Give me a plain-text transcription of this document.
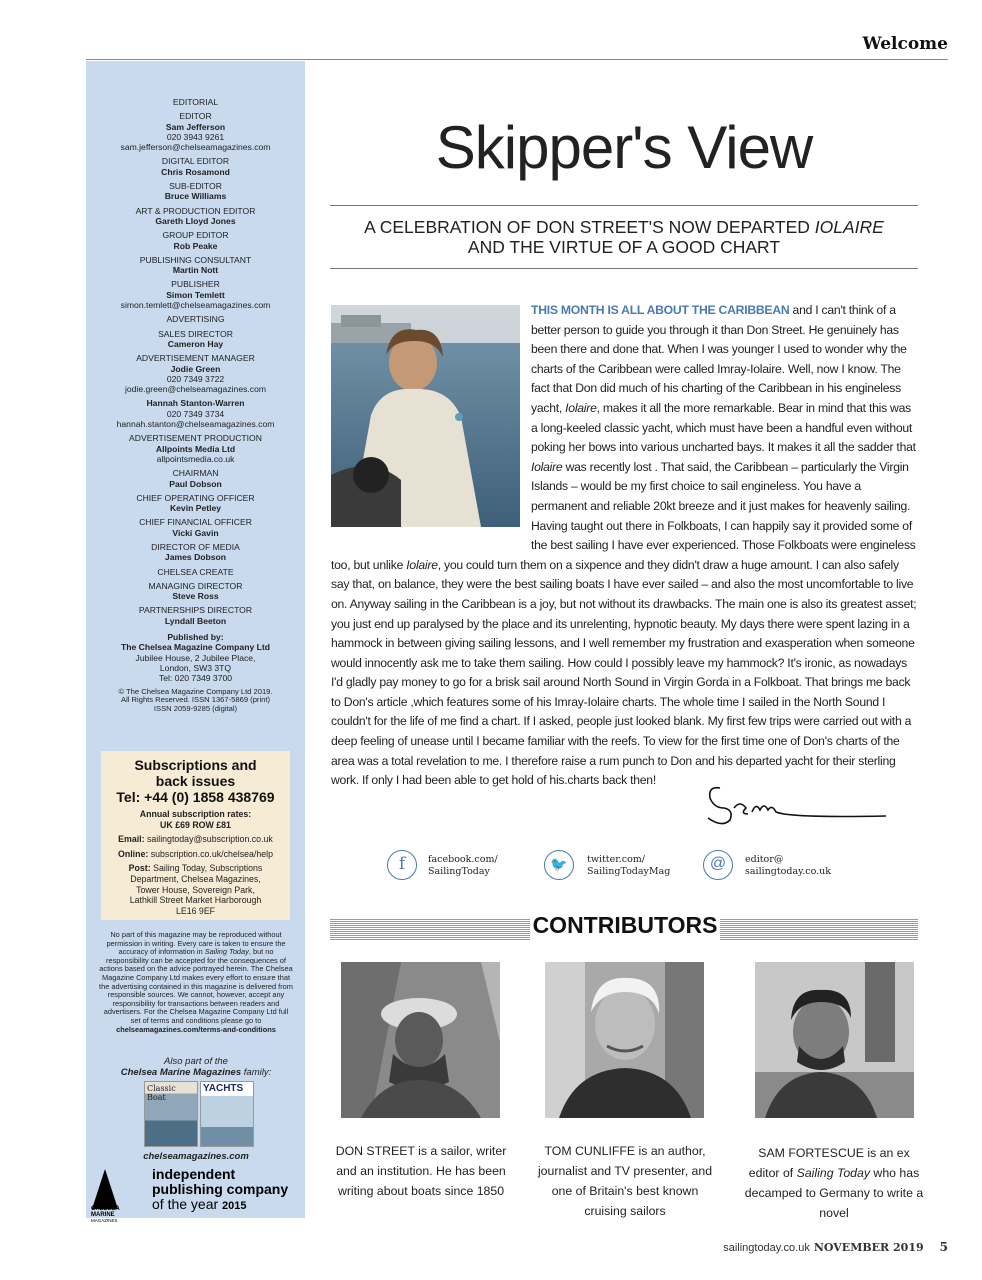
Welcome
EDITORIAL
EDITOR
Sam Jefferson
020 3943 9261
sam.jefferson@chelseamagazines.com
DIGITAL EDITOR
Chris Rosamond
SUB-EDITOR
Bruce Williams
ART & PRODUCTION EDITOR
Gareth Lloyd Jones
GROUP EDITOR
Rob Peake
PUBLISHING CONSULTANT
Martin Nott
PUBLISHER
Simon Temlett
simon.temlett@chelseamagazines.com
ADVERTISING
SALES DIRECTOR
Cameron Hay
ADVERTISEMENT MANAGER
Jodie Green
020 7349 3722
jodie.green@chelseamagazines.com
Hannah Stanton-Warren
020 7349 3734
hannah.stanton@chelseamagazines.com
ADVERTISEMENT PRODUCTION
Allpoints Media Ltd
allpointsmedia.co.uk
CHAIRMAN
Paul Dobson
CHIEF OPERATING OFFICER
Kevin Petley
CHIEF FINANCIAL OFFICER
Vicki Gavin
DIRECTOR OF MEDIA
James Dobson
CHELSEA CREATE
MANAGING DIRECTOR
Steve Ross
PARTNERSHIPS DIRECTOR
Lyndall Beeton
Published by:
The Chelsea Magazine Company Ltd
Jubilee House, 2 Jubilee Place,
London, SW3 3TQ
Tel: 020 7349 3700
© The Chelsea Magazine Company Ltd 2019.
All Rights Reserved. ISSN 1367-5869 (print)
ISSN 2059-9285 (digital)
Subscriptions and
back issues
Tel: +44 (0) 1858 438769
Annual subscription rates:
UK £69 ROW £81
Email: sailingtoday@subscription.co.uk
Online: subscription.co.uk/chelsea/help
Post: Sailing Today, Subscriptions
Department, Chelsea Magazines,
Tower House, Sovereign Park,
Lathkill Street Market Harborough
LE16 9EF
No part of this magazine may be reproduced without permission in writing. Every care is taken to ensure the accuracy of information in Sailing Today, but no responsibility can be accepted for the consequences of actions based on the advice portrayed herein. The Chelsea Magazine Company Ltd makes every effort to ensure that the advertising contained in this magazine is delivered from responsible sources. We cannot, however, accept any responsibility for transactions between readers and advertisers. For the Chelsea Magazine Company Ltd full set of terms and conditions please go to
chelseamagazines.com/terms-and-conditions
Also part of the
Chelsea Marine Magazines family:
Classic Boat
YACHTS
chelseamagazines.com
CHELSEA
MARINE
MAGAZINES
independent
publishing company
of the year 2015
Skipper's View
A CELEBRATION OF DON STREET'S NOW DEPARTED IOLAIRE
AND THE VIRTUE OF A GOOD CHART
THIS MONTH IS ALL ABOUT THE CARIBBEAN and I can't think of a better person to guide you through it than Don Street. He genuinely has been there and done that. When I was younger I used to wonder why the charts of the Caribbean were called Imray-Iolaire. Well, now I know. The fact that Don did much of his charting of the Caribbean in his engineless yacht, Iolaire, makes it all the more remarkable. Bear in mind that this was a long-keeled classic yacht, which must have been a handful even without poking her bows into various uncharted bays. It makes it all the sadder that Iolaire was recently lost . That said, the Caribbean – particularly the Virgin Islands – would be my first choice to sail engineless. You have a permanent and reliable 20kt breeze and it just makes for heavenly sailing. Having taught out there in Folkboats, I can happily say it provided some of the best sailing I have ever experienced. Those Folkboats were engineless too, but unlike Iolaire, you could turn them on a sixpence and they didn't draw a huge amount. I can also safely say that, on balance, they were the best sailing boats I have ever sailed – and also the most uncomfortable to live on. Anyway sailing in the Caribbean is a joy, but not without its drawbacks. The main one is also its greatest asset; you just end up paralysed by the place and its unrelenting, hypnotic beauty. My days there were spent lazing in a hammock in between giving sailing lessons, and I well remember my frustration and exasperation when someone would innocently ask me to take them sailing. How could I possibly leave my hammock? It's ironic, as nowadays I'd gladly pay money to go for a brisk sail around North Sound in Virgin Gorda in a Folkboat. That brings me back to Don's article ,which features some of his Imray-Iolaire charts. The whole time I sailed in the North Sound I couldn't for the life of me find a chart. If I asked, people just looked blank. My first few trips were carried out with a deep feeling of unease until I became familiar with the reefs. To view for the first time one of Don's charts of the area was a total revelation to me. I therefore raise a rum punch to Don and his departed yacht for their sterling work. If only I had been able to get hold of his.charts back then!
f	facebook.com/
SailingToday	🐦	twitter.com/
SailingTodayMag	@	editor@
sailingtoday.co.uk
CONTRIBUTORS
DON STREET is a sailor, writer and an institution. He has been writing about boats since 1850
TOM CUNLIFFE is an author, journalist and TV presenter, and one of Britain's best known cruising sailors
SAM FORTESCUE is an ex editor of Sailing Today who has decamped to Germany to write a novel
sailingtoday.co.uk NOVEMBER 2019 5
